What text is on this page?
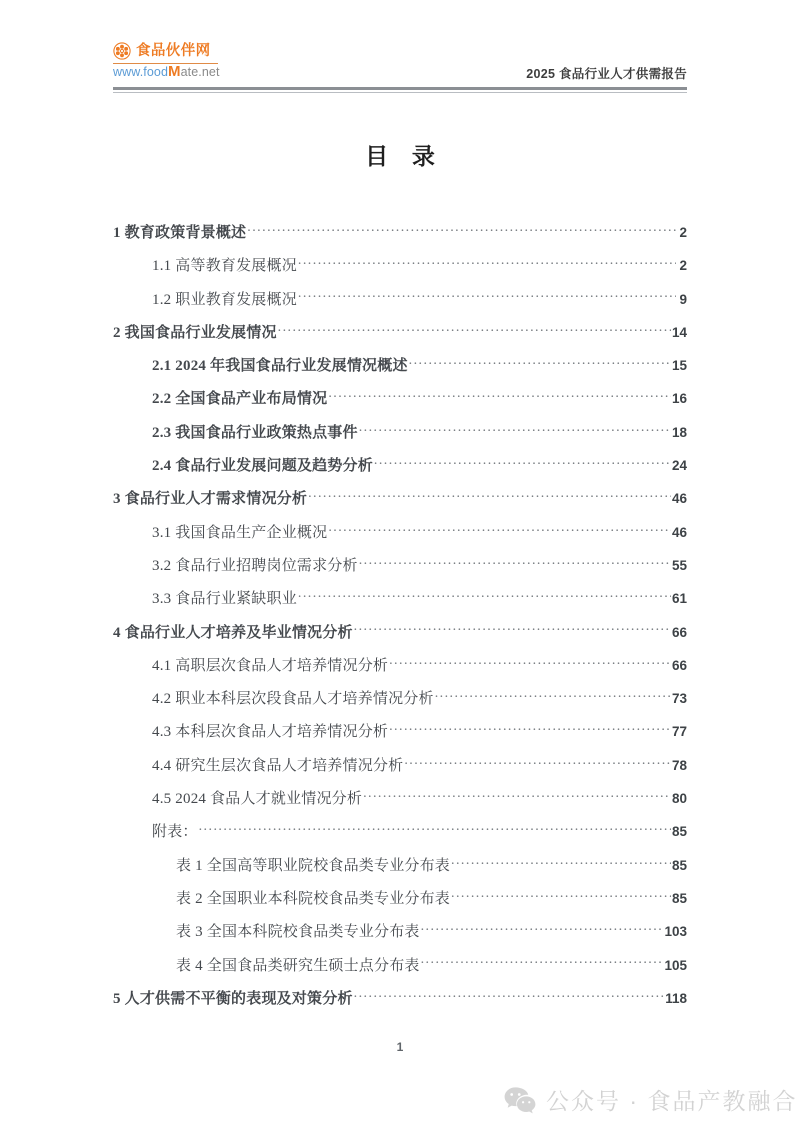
食品伙伴网
www.foodMate.net	2025 食品行业人才供需报告
目 录
1 教育政策背景概述 .....	2
1.1 高等教育发展概况 .....	2
1.2 职业教育发展概况 .....	9
2 我国食品行业发展情况 .....	14
2.1 2024 年我国食品行业发展情况概述 .....	15
2.2 全国食品产业布局情况 .....	16
2.3 我国食品行业政策热点事件 .....	18
2.4 食品行业发展问题及趋势分析 .....	24
3 食品行业人才需求情况分析 .....	46
3.1 我国食品生产企业概况 .....	46
3.2 食品行业招聘岗位需求分析 .....	55
3.3 食品行业紧缺职业 .....	61
4 食品行业人才培养及毕业情况分析 .....	66
4.1 高职层次食品人才培养情况分析 .....	66
4.2 职业本科层次段食品人才培养情况分析 .....	73
4.3 本科层次食品人才培养情况分析 .....	77
4.4 研究生层次食品人才培养情况分析 .....	78
4.5 2024 食品人才就业情况分析 .....	80
附表： .....	85
表 1 全国高等职业院校食品类专业分布表 .....	85
表 2 全国职业本科院校食品类专业分布表 .....	85
表 3 全国本科院校食品类专业分布表 .....	103
表 4 全国食品类研究生硕士点分布表 .....	105
5 人才供需不平衡的表现及对策分析 .....	118
1
公众号 · 食品产教融合
